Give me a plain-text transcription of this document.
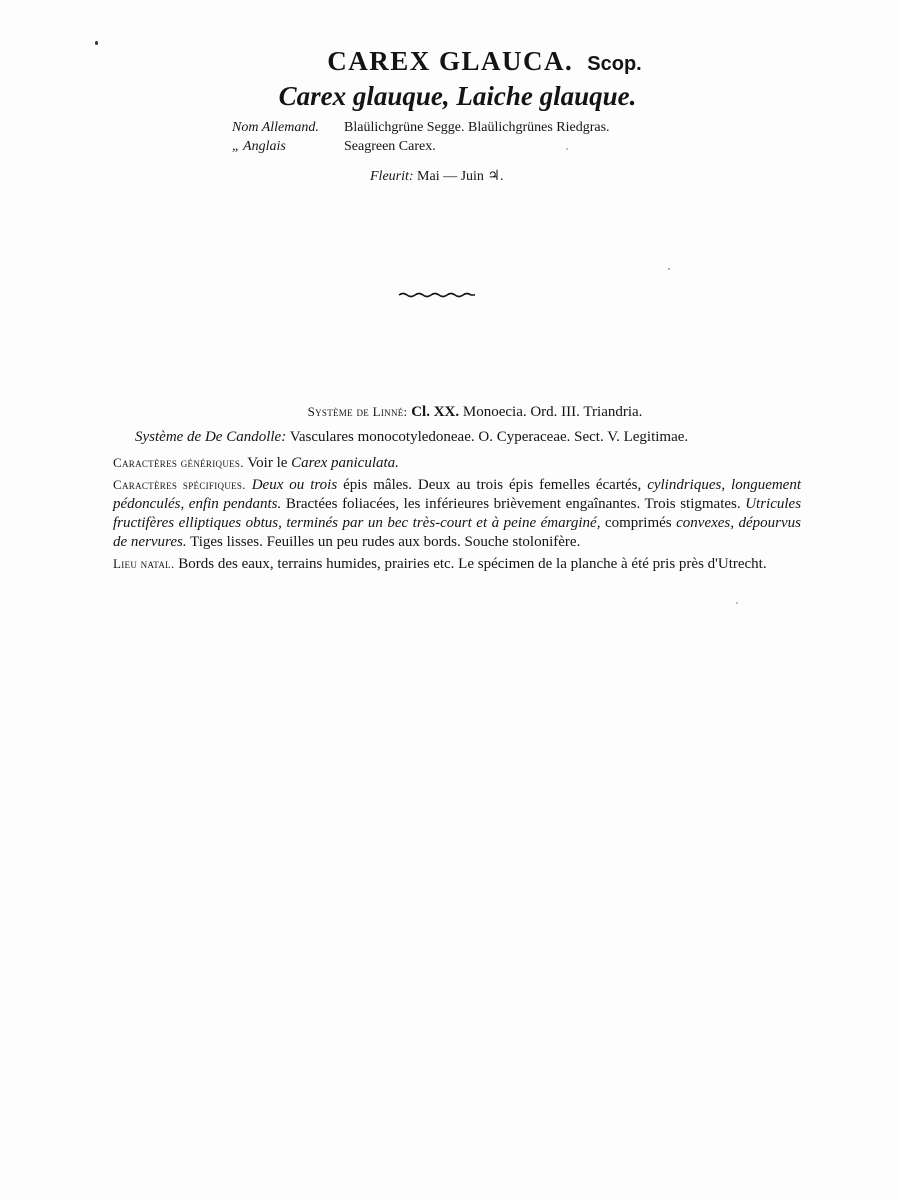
CAREX GLAUCA. Scop.
Carex glauque, Laiche glauque.
Nom Allemand.	Blaülichgrüne Segge. Blaülichgrünes Riedgras.
„ Anglais	Seagreen Carex.
Fleurit: Mai — Juin ♃.
Système de Linné: Cl. XX. Monoecia. Ord. III. Triandria.
Système de De Candolle: Vasculares monocotyledoneae. O. Cyperaceae. Sect. V. Legitimae.
Caractères génériques. Voir le Carex paniculata.
Caractères spécifiques. Deux ou trois épis mâles. Deux au trois épis femelles écartés, cylindriques, longuement pédonculés, enfin pendants. Bractées foliacées, les inférieures brièvement engaînantes. Trois stigmates. Utricules fructifères elliptiques obtus, terminés par un bec très-court et à peine émarginé, comprimés convexes, dépourvus de nervures. Tiges lisses. Feuilles un peu rudes aux bords. Souche stolonifère.
Lieu natal. Bords des eaux, terrains humides, prairies etc. Le spécimen de la planche à été pris près d'Utrecht.
